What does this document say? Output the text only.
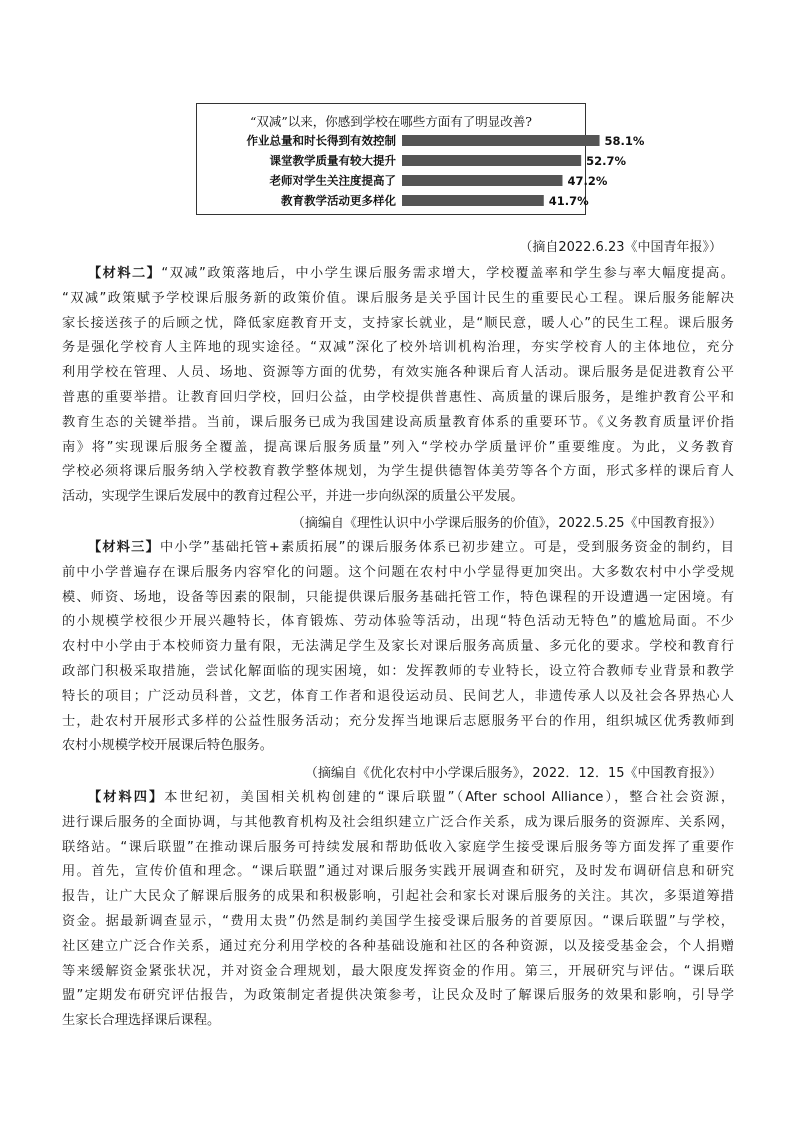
“双减”以来，你感到学校在哪些方面有了明显改善?
作业总量和时长得到有效控制	58.1%
课堂教学质量有较大提升	52.7%
老师对学生关注度提高了	47.2%
教育教学活动更多样化	41.7%
（摘自2022.6.23《中国青年报》）
【材料二】“双减”政策落地后，中小学生课后服务需求增大，学校覆盖率和学生参与率大幅度提高。
“双减”政策赋予学校课后服务新的政策价值。课后服务是关乎国计民生的重要民心工程。课后服务能解决
家长接送孩子的后顾之忧，降低家庭教育开支，支持家长就业，是“顺民意，暖人心”的民生工程。课后服务
务是强化学校育人主阵地的现实途径。“双减”深化了校外培训机构治理，夯实学校育人的主体地位，充分
利用学校在管理、人员、场地、资源等方面的优势，有效实施各种课后育人活动。课后服务是促进教育公平
普惠的重要举措。让教育回归学校，回归公益，由学校提供普惠性、高质量的课后服务，是维护教育公平和
教育生态的关键举措。当前，课后服务已成为我国建设高质量教育体系的重要环节。《义务教育质量评价指
南》将”实现课后服务全覆盖，提高课后服务质量”列入“学校办学质量评价”重要维度。为此，义务教育
学校必须将课后服务纳入学校教育教学整体规划，为学生提供德智体美劳等各个方面，形式多样的课后育人
活动，实现学生课后发展中的教育过程公平，并进一步向纵深的质量公平发展。
（摘编自《理性认识中小学课后服务的价值》，2022.5.25《中国教育报》）
【材料三】中小学”基础托管+素质拓展”的课后服务体系已初步建立。可是，受到服务资金的制约，目
前中小学普遍存在课后服务内容窄化的问题。这个问题在农村中小学显得更加突出。大多数农村中小学受规
模、师资、场地，设备等因素的限制，只能提供课后服务基础托管工作，特色课程的开设遭遇一定困境。有
的小规模学校很少开展兴趣特长，体育锻炼、劳动体验等活动，出现“特色活动无特色”的尴尬局面。不少
农村中小学由于本校师资力量有限，无法满足学生及家长对课后服务高质量、多元化的要求。学校和教育行
政部门积极采取措施，尝试化解面临的现实困境，如：发挥教师的专业特长，设立符合教师专业背景和教学
特长的项目；广泛动员科普，文艺，体育工作者和退役运动员、民间艺人，非遗传承人以及社会各界热心人
士，赴农村开展形式多样的公益性服务活动；充分发挥当地课后志愿服务平台的作用，组织城区优秀教师到
农村小规模学校开展课后特色服务。
（摘编自《优化农村中小学课后服务》，2022．12．15《中国教育报》）
【材料四】本世纪初，美国相关机构创建的“课后联盟”（After school Alliance），整合社会资源，
进行课后服务的全面协调，与其他教育机构及社会组织建立广泛合作关系，成为课后服务的资源库、关系网，
联络站。“课后联盟”在推动课后服务可持续发展和帮助低收入家庭学生接受课后服务等方面发挥了重要作
用。首先，宣传价值和理念。“课后联盟”通过对课后服务实践开展调查和研究，及时发布调研信息和研究
报告，让广大民众了解课后服务的成果和积极影响，引起社会和家长对课后服务的关注。其次，多渠道筹措
资金。据最新调查显示，“费用太贵”仍然是制约美国学生接受课后服务的首要原因。“课后联盟”与学校，
社区建立广泛合作关系，通过充分利用学校的各种基础设施和社区的各种资源，以及接受基金会，个人捐赠
等来缓解资金紧张状况，并对资金合理规划，最大限度发挥资金的作用。第三，开展研究与评估。“课后联
盟”定期发布研究评估报告，为政策制定者提供决策参考，让民众及时了解课后服务的效果和影响，引导学
生家长合理选择课后课程。
